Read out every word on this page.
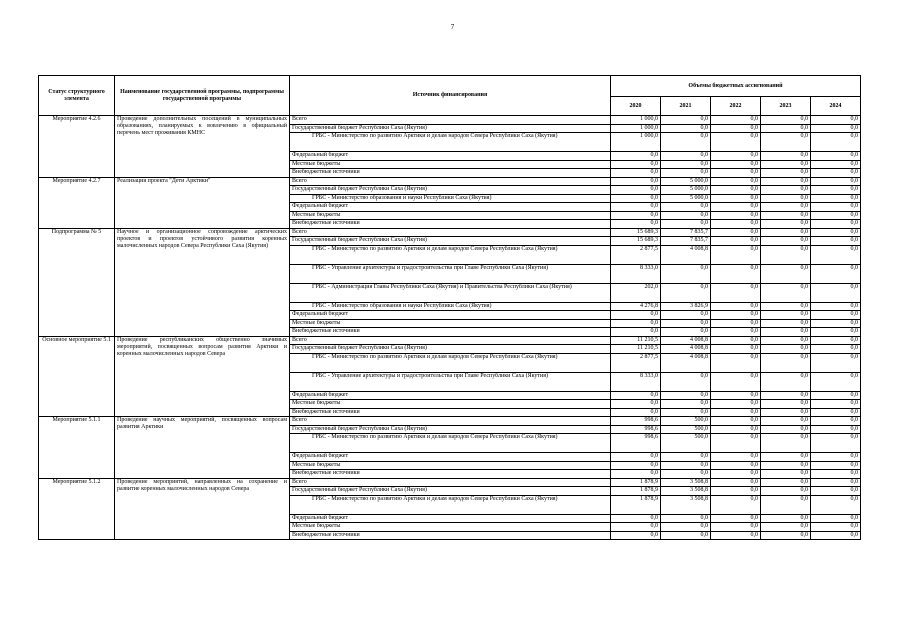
7
Статус структурного элемента	Наименование государственной программы, подпрограммы государственной программы	Источник финансирования	Объемы бюджетных ассигнований				
			2020	2021	2022	2023	2024
Мероприятие 4.2.6	Проведение дополнительных посещений в муниципальных образованиях, планируемых к вовлечению в официальный перечень мест проживания КМНС	Всего	1 000,0	0,0	0,0	0,0	0,0
		Государственный бюджет Республики Саха (Якутия)	1 000,0	0,0	0,0	0,0	0,0
		ГРБС - Министерство по развитию Арктики и делам народов Севера Республики Саха (Якутия)	1 000,0	0,0	0,0	0,0	0,0
		Федеральный бюджет	0,0	0,0	0,0	0,0	0,0
		Местные бюджеты	0,0	0,0	0,0	0,0	0,0
		Внебюджетные источники	0,0	0,0	0,0	0,0	0,0
Мероприятие 4.2.7	Реализация проекта "Дети Арктики"	Всего	0,0	5 000,0	0,0	0,0	0,0
		Государственный бюджет Республики Саха (Якутия)	0,0	5 000,0	0,0	0,0	0,0
		ГРБС - Министерство образования и науки Республики Саха (Якутия)	0,0	5 000,0	0,0	0,0	0,0
		Федеральный бюджет	0,0	0,0	0,0	0,0	0,0
		Местные бюджеты	0,0	0,0	0,0	0,0	0,0
		Внебюджетные источники	0,0	0,0	0,0	0,0	0,0
Подпрограмма № 5	Научное и организационное сопровождение арктических проектов и проектов устойчивого развития коренных малочисленных народов Севера Республики Саха (Якутия)	Всего	15 689,3	7 835,7	0,0	0,0	0,0
		Государственный бюджет Республики Саха (Якутия)	15 689,3	7 835,7	0,0	0,0	0,0
		ГРБС - Министерство по развитию Арктики и делам народов Севера Республики Саха (Якутия)	2 877,5	4 008,8	0,0	0,0	0,0
		ГРБС - Управление архитектуры и градостроительства при Главе Республики Саха (Якутия)	8 333,0	0,0	0,0	0,0	0,0
		ГРБС - Администрация Главы Республики Саха (Якутия) и Правительства Республики Саха (Якутия)	202,0	0,0	0,0	0,0	0,0
		ГРБС - Министерство образования и науки Республики Саха (Якутия)	4 276,8	3 826,9	0,0	0,0	0,0
		Федеральный бюджет	0,0	0,0	0,0	0,0	0,0
		Местные бюджеты	0,0	0,0	0,0	0,0	0,0
		Внебюджетные источники	0,0	0,0	0,0	0,0	0,0
Основное мероприятие 5.1	Проведение республиканских общественно значимых мероприятий, посвященных вопросам развития Арктики и коренных малочисленных народов Севера	Всего	11 210,5	4 008,8	0,0	0,0	0,0
		Государственный бюджет Республики Саха (Якутия)	11 210,5	4 008,8	0,0	0,0	0,0
		ГРБС - Министерство по развитию Арктики и делам народов Севера Республики Саха (Якутия)	2 877,5	4 008,8	0,0	0,0	0,0
		ГРБС - Управление архитектуры и градостроительства при Главе Республики Саха (Якутия)	8 333,0	0,0	0,0	0,0	0,0
		Федеральный бюджет	0,0	0,0	0,0	0,0	0,0
		Местные бюджеты	0,0	0,0	0,0	0,0	0,0
		Внебюджетные источники	0,0	0,0	0,0	0,0	0,0
Мероприятие 5.1.1	Проведение научных мероприятий, посвященных вопросам развития Арктики	Всего	998,6	500,0	0,0	0,0	0,0
		Государственный бюджет Республики Саха (Якутия)	998,6	500,0	0,0	0,0	0,0
		ГРБС - Министерство по развитию Арктики и делам народов Севера Республики Саха (Якутия)	998,6	500,0	0,0	0,0	0,0
		Федеральный бюджет	0,0	0,0	0,0	0,0	0,0
		Местные бюджеты	0,0	0,0	0,0	0,0	0,0
		Внебюджетные источники	0,0	0,0	0,0	0,0	0,0
Мероприятие 5.1.2	Проведение мероприятий, направленных на сохранение и развитие коренных малочисленных народов Севера	Всего	1 878,9	3 508,8	0,0	0,0	0,0
		Государственный бюджет Республики Саха (Якутия)	1 878,9	3 508,8	0,0	0,0	0,0
		ГРБС - Министерство по развитию Арктики и делам народов Севера Республики Саха (Якутия)	1 878,9	3 508,8	0,0	0,0	0,0
		Федеральный бюджет	0,0	0,0	0,0	0,0	0,0
		Местные бюджеты	0,0	0,0	0,0	0,0	0,0
		Внебюджетные источники	0,0	0,0	0,0	0,0	0,0
